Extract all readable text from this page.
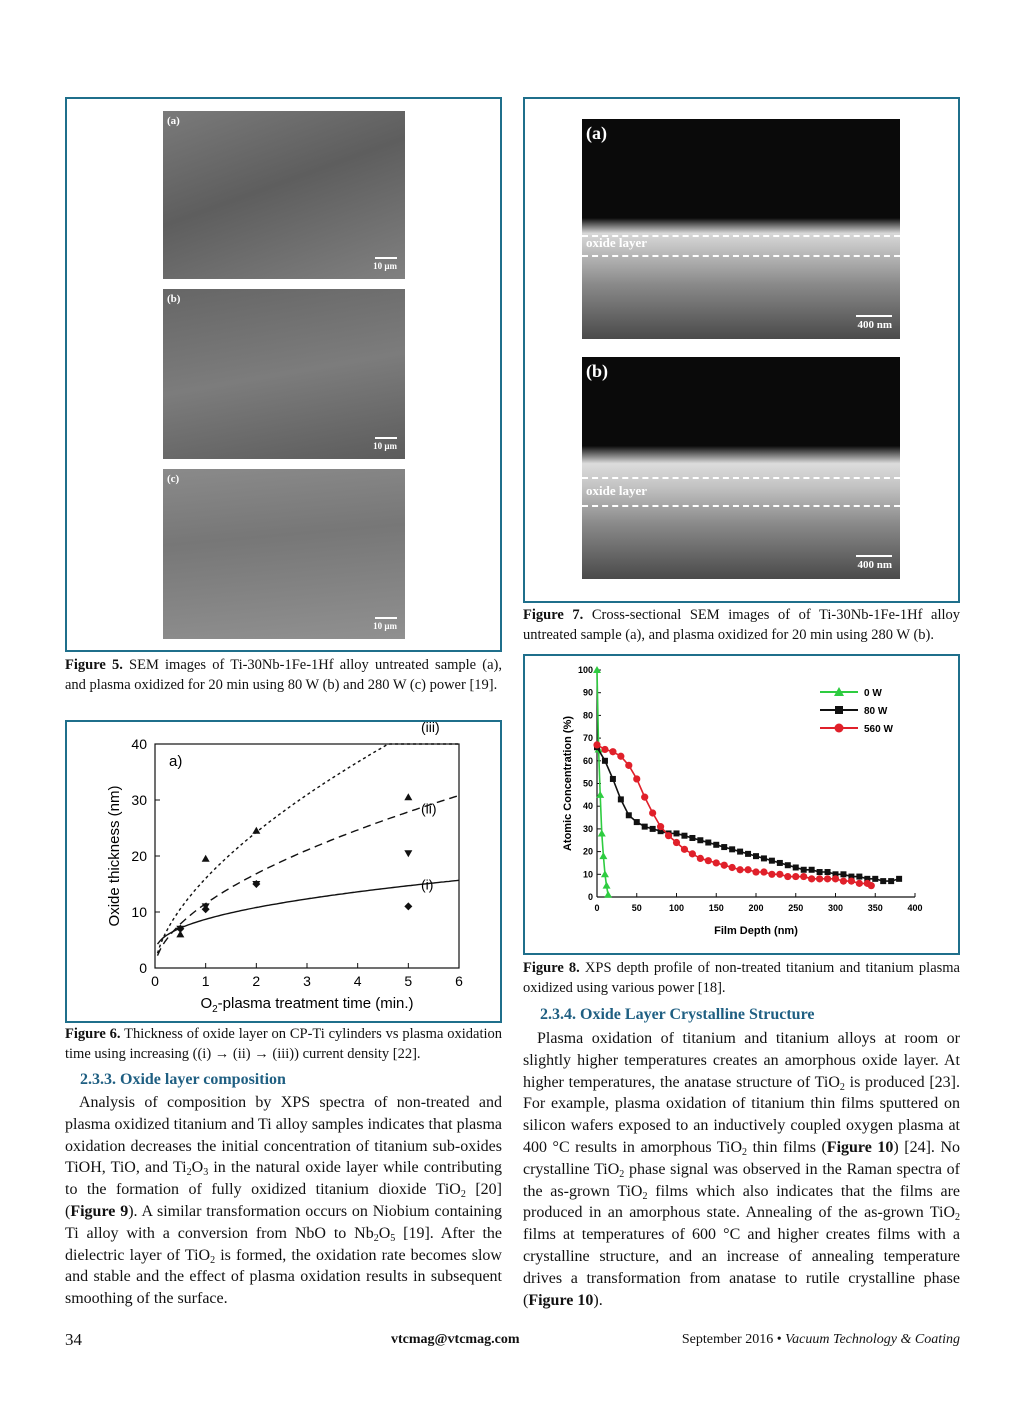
(a)
10 µm
(b)
10 µm
(c)
10 µm
Figure 5. SEM images of Ti-30Nb-1Fe-1Hf alloy untreated sample (a), and plasma oxidized for 20 min using 80 W (b) and 280 W (c) power [19].
(a)
oxide layer
400 nm
(b)
oxide layer
400 nm
Figure 7. Cross-sectional SEM images of of Ti-30Nb-1Fe-1Hf alloy untreated sample (a), and plasma oxidized for 20 min using 280 W (b).
0	1	2	3	4	5	6
0
10
20
30
40
a)
$O_2$-plasma treatment time (min.)
Oxide thickness (nm)	(i)
(ii)
(iii)
Figure 6. Thickness of oxide layer on CP-Ti cylinders vs plasma oxidation time using increasing ((i) → (ii) → (iii)) current density [22].
0	50	100	150	200	250	300	350	400
0
10
20
30
40
50
60
70
80
90
100
Film Depth (nm)
Atomic Concentration (%)
0 W
80 W
560 W
Figure 8. XPS depth profile of non-treated titanium and titanium plasma oxidized using various power [18].
2.3.3. Oxide layer composition

Analysis of composition by XPS spectra of non-treated and plasma oxidized titanium and Ti alloy samples indicates that plasma oxidation decreases the initial concentration of titanium sub-oxides TiOH, TiO, and $Ti_2O_3$ in the natural oxide layer while contributing to the formation of fully oxidized titanium dioxide TiO$_2$ [20] (Figure 9). A similar transformation occurs on Niobium containing Ti alloy with a conversion from NbO to $Nb_2O_5$ [19]. After the dielectric layer of TiO$_2$ is formed, the oxidation rate becomes slow and stable and the effect of plasma oxidation results in subsequent smoothing of the surface.

2.3.4. Oxide Layer Crystalline Structure

Plasma oxidation of titanium and titanium alloys at room or slightly higher temperatures creates an amorphous oxide layer. At higher temperatures, the anatase structure of TiO$_2$ is produced [23]. For example, plasma oxidation of titanium thin films sputtered on silicon wafers exposed to an inductively coupled oxygen plasma at 400 °C results in amorphous TiO$_2$ thin films (Figure 10) [24]. No crystalline TiO$_2$ phase signal was observed in the Raman spectra of the as-grown TiO$_2$ films which also indicates that the films are produced in an amorphous state. Annealing of the as-grown TiO$_2$ films at temperatures of 600 °C and higher creates films with a crystalline structure, and an increase of annealing temperature drives a transformation from anatase to rutile crystalline phase (Figure 10).

34	vtcmag@vtcmag.com	September 2016 • Vacuum Technology & Coating
